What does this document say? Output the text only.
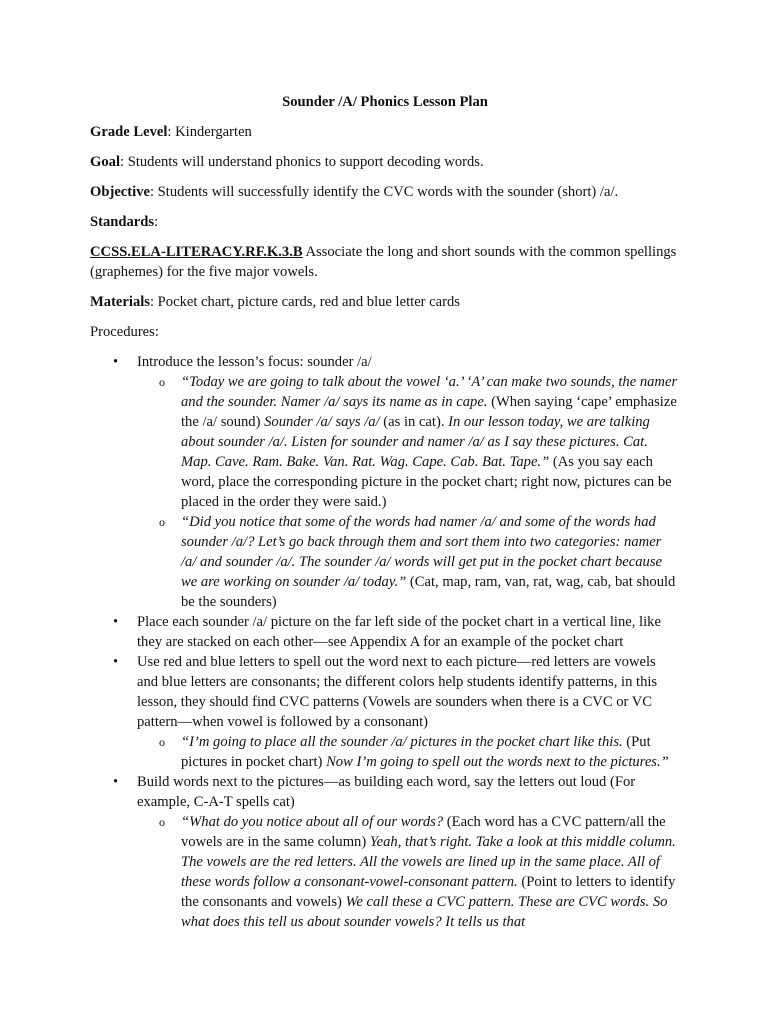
Sounder /A/ Phonics Lesson Plan

Grade Level: Kindergarten

Goal: Students will understand phonics to support decoding words.

Objective: Students will successfully identify the CVC words with the sounder (short) /a/.

Standards:

CCSS.ELA-LITERACY.RF.K.3.B Associate the long and short sounds with the common spellings (graphemes) for the five major vowels.

Materials: Pocket chart, picture cards, red and blue letter cards

Procedures:

• Introduce the lesson’s focus: sounder /a/
o “Today we are going to talk about the vowel ‘a.’ ‘A’ can make two sounds, the namer and the sounder. Namer /a/ says its name as in cape. (When saying ‘cape’ emphasize the /a/ sound) Sounder /a/ says /a/ (as in cat). In our lesson today, we are talking about sounder /a/. Listen for sounder and namer /a/ as I say these pictures. Cat. Map. Cave. Ram. Bake. Van. Rat. Wag. Cape. Cab. Bat. Tape.” (As you say each word, place the corresponding picture in the pocket chart; right now, pictures can be placed in the order they were said.)
o “Did you notice that some of the words had namer /a/ and some of the words had sounder /a/? Let’s go back through them and sort them into two categories: namer /a/ and sounder /a/. The sounder /a/ words will get put in the pocket chart because we are working on sounder /a/ today.” (Cat, map, ram, van, rat, wag, cab, bat should be the sounders)
• Place each sounder /a/ picture on the far left side of the pocket chart in a vertical line, like they are stacked on each other—see Appendix A for an example of the pocket chart
• Use red and blue letters to spell out the word next to each picture—red letters are vowels and blue letters are consonants; the different colors help students identify patterns, in this lesson, they should find CVC patterns (Vowels are sounders when there is a CVC or VC pattern—when vowel is followed by a consonant)
o “I’m going to place all the sounder /a/ pictures in the pocket chart like this. (Put pictures in pocket chart) Now I’m going to spell out the words next to the pictures.”
• Build words next to the pictures—as building each word, say the letters out loud (For example, C-A-T spells cat)
o “What do you notice about all of our words? (Each word has a CVC pattern/all the vowels are in the same column) Yeah, that’s right. Take a look at this middle column. The vowels are the red letters. All the vowels are lined up in the same place. All of these words follow a consonant-vowel-consonant pattern. (Point to letters to identify the consonants and vowels) We call these a CVC pattern. These are CVC words. So what does this tell us about sounder vowels? It tells us that
